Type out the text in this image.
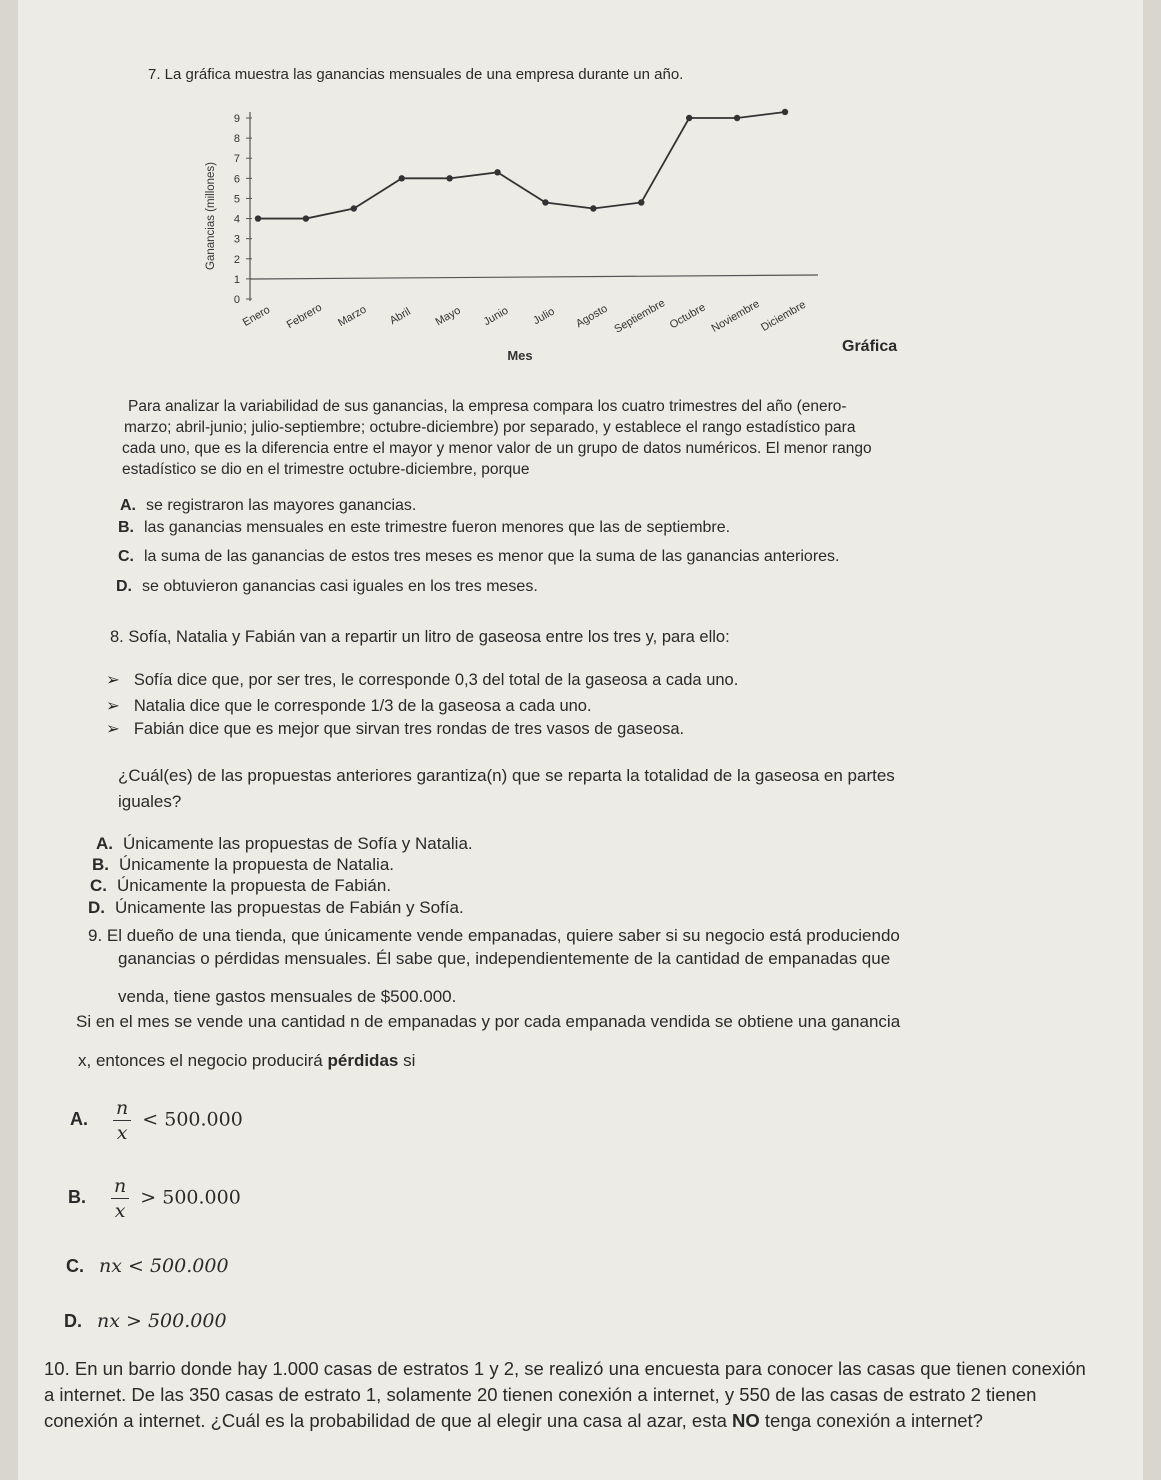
7. La gráfica muestra las ganancias mensuales de una empresa durante un año.
0
1
2
3
4
5
6
7
8
9
Ganancias (millones)
Enero Febrero Marzo Abril Mayo Junio Julio Agosto Septiembre Octubre Noviembre
Diciembre
Mes
Gráfica
Para analizar la variabilidad de sus ganancias, la empresa compara los cuatro trimestres del año (enero-
marzo; abril-junio; julio-septiembre; octubre-diciembre) por separado, y establece el rango estadístico para
cada uno, que es la diferencia entre el mayor y menor valor de un grupo de datos numéricos. El menor rango
estadístico se dio en el trimestre octubre-diciembre, porque
A. se registraron las mayores ganancias.
B. las ganancias mensuales en este trimestre fueron menores que las de septiembre.
C. la suma de las ganancias de estos tres meses es menor que la suma de las ganancias anteriores.
D. se obtuvieron ganancias casi iguales en los tres meses.
8. Sofía, Natalia y Fabián van a repartir un litro de gaseosa entre los tres y, para ello:
➢ Sofía dice que, por ser tres, le corresponde 0,3 del total de la gaseosa a cada uno.
➢ Natalia dice que le corresponde 1/3 de la gaseosa a cada uno.
➢ Fabián dice que es mejor que sirvan tres rondas de tres vasos de gaseosa.
¿Cuál(es) de las propuestas anteriores garantiza(n) que se reparta la totalidad de la gaseosa en partes
iguales?
A. Únicamente las propuestas de Sofía y Natalia.
B. Únicamente la propuesta de Natalia.
C. Únicamente la propuesta de Fabián.
D. Únicamente las propuestas de Fabián y Sofía.
9. El dueño de una tienda, que únicamente vende empanadas, quiere saber si su negocio está produciendo
ganancias o pérdidas mensuales. Él sabe que, independientemente de la cantidad de empanadas que
venda, tiene gastos mensuales de $500.000.
Si en el mes se vende una cantidad n de empanadas y por cada empanada vendida se obtiene una ganancia
x, entonces el negocio producirá pérdidas si
A. $\frac{n}{x} < 500.000$
B. $\frac{n}{x} > 500.000$
C. nx < 500.000
D. nx > 500.000
10. En un barrio donde hay 1.000 casas de estratos 1 y 2, se realizó una encuesta para conocer las casas que tienen conexión a internet. De las 350 casas de estrato 1, solamente 20 tienen conexión a internet, y 550 de las casas de estrato 2 tienen conexión a internet. ¿Cuál es la probabilidad de que al elegir una casa al azar, esta NO tenga conexión a internet?
